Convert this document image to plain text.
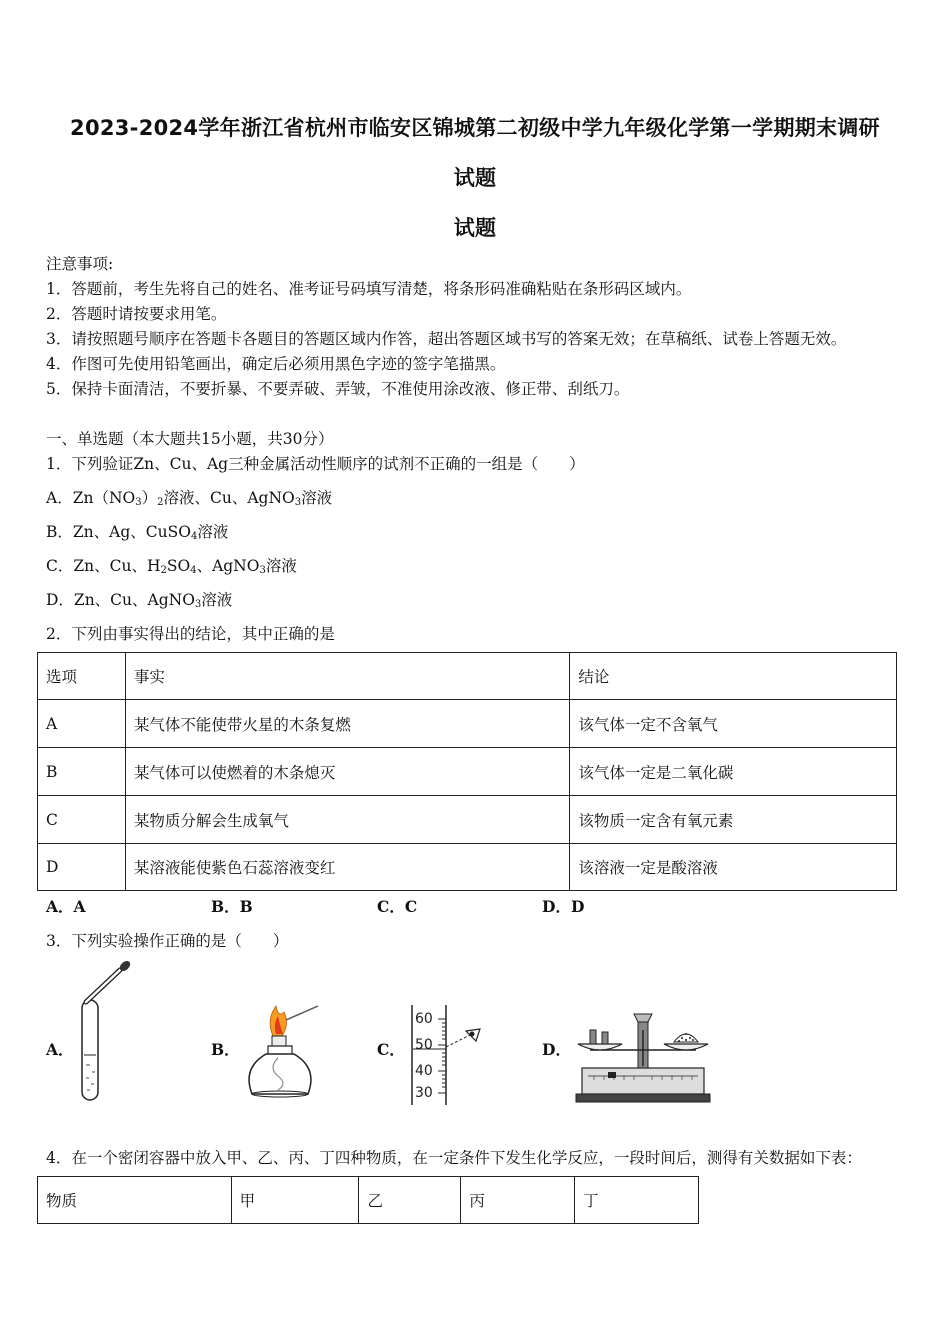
2023-2024学年浙江省杭州市临安区锦城第二初级中学九年级化学第一学期期末调研
试题
试题
注意事项:
1．答题前，考生先将自己的姓名、准考证号码填写清楚，将条形码准确粘贴在条形码区域内。
2．答题时请按要求用笔。
3．请按照题号顺序在答题卡各题目的答题区域内作答，超出答题区域书写的答案无效；在草稿纸、试卷上答题无效。
4．作图可先使用铅笔画出，确定后必须用黑色字迹的签字笔描黑。
5．保持卡面清洁，不要折暴、不要弄破、弄皱，不准使用涂改液、修正带、刮纸刀。
一、单选题（本大题共15小题，共30分）
1．下列验证Zn、Cu、Ag三种金属活动性顺序的试剂不正确的一组是（　　）
A．$Zn(NO_3)_2$溶液、Cu、AgNO$_3$溶液
B．Zn、Ag、CuSO$_4$溶液
C．Zn、Cu、$H_2SO_4$、AgNO$_3$溶液
D．Zn、Cu、AgNO$_3$溶液
2．下列由事实得出的结论，其中正确的是
选项	事实	结论
A	某气体不能使带火星的木条复燃	该气体一定不含氧气
B	某气体可以使燃着的木条熄灭	该气体一定是二氧化碳
C	某物质分解会生成氧气	该物质一定含有氧元素
D	某溶液能使紫色石蕊溶液变红	该溶液一定是酸溶液
A．A	B．B	C．C	D．D
3．下列实验操作正确的是（　　）
A．	B．	C．
60
50
40
30
D．
4．在一个密闭容器中放入甲、乙、丙、丁四种物质，在一定条件下发生化学反应，一段时间后，测得有关数据如下表：
物质	甲	乙	丙	丁
